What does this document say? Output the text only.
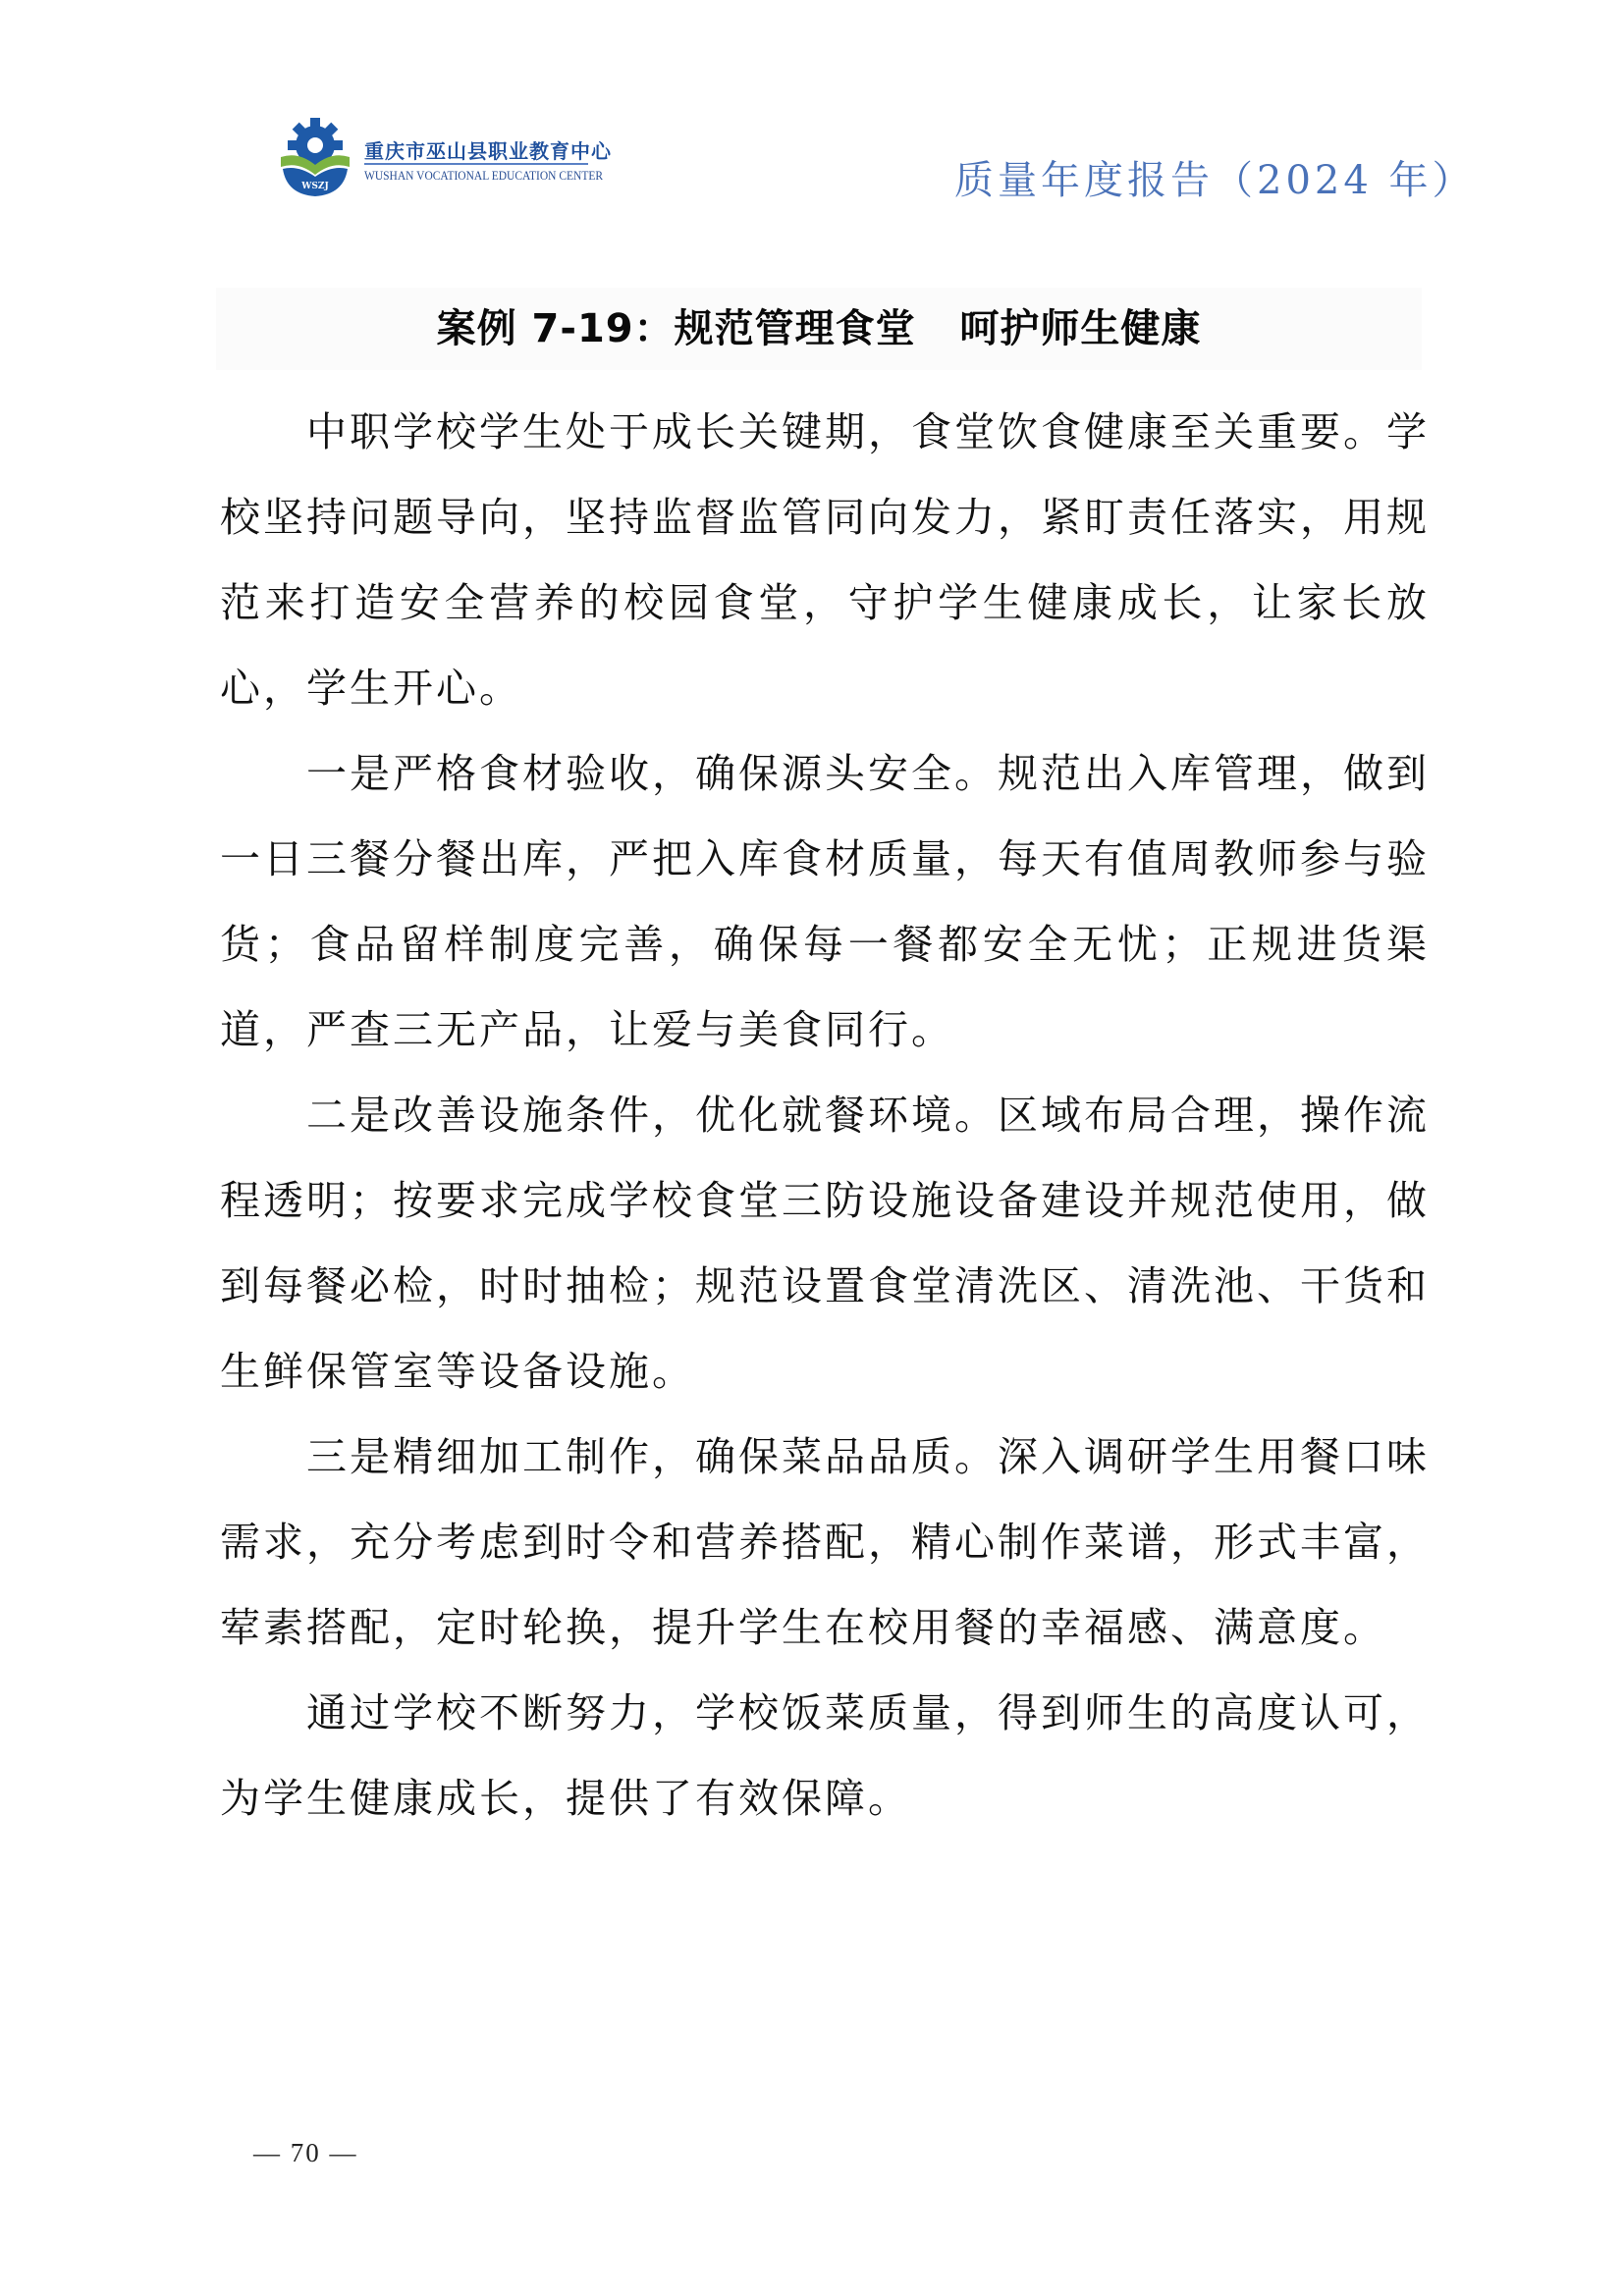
WSZJ
重庆市巫山县职业教育中心
WUSHAN VOCATIONAL EDUCATION CENTER	质量年度报告（2024 年）
案例 7-19：规范管理食堂   呵护师生健康

中职学校学生处于成长关键期，食堂饮食健康至关重要。学校坚持问题导向，坚持监督监管同向发力，紧盯责任落实，用规范来打造安全营养的校园食堂，守护学生健康成长，让家长放心，学生开心。

一是严格食材验收，确保源头安全。规范出入库管理，做到一日三餐分餐出库，严把入库食材质量，每天有值周教师参与验货；食品留样制度完善，确保每一餐都安全无忧；正规进货渠道，严查三无产品，让爱与美食同行。

二是改善设施条件，优化就餐环境。区域布局合理，操作流程透明；按要求完成学校食堂三防设施设备建设并规范使用，做到每餐必检，时时抽检；规范设置食堂清洗区、清洗池、干货和生鲜保管室等设备设施。

三是精细加工制作，确保菜品品质。深入调研学生用餐口味需求，充分考虑到时令和营养搭配，精心制作菜谱，形式丰富，荤素搭配，定时轮换，提升学生在校用餐的幸福感、满意度。

通过学校不断努力，学校饭菜质量，得到师生的高度认可，为学生健康成长，提供了有效保障。

— 70 —
